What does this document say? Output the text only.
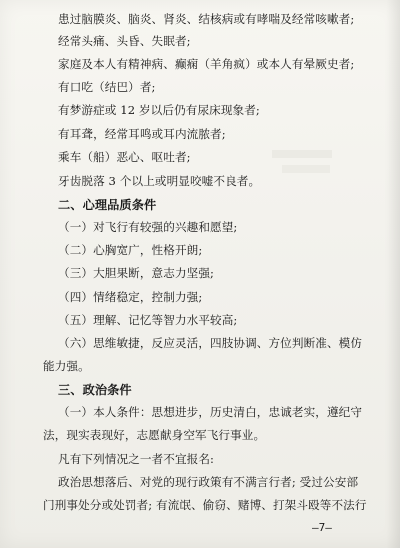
患过脑膜炎、脑炎、肾炎、结核病或有哮喘及经常咳嗽者;
经常头痛、头昏、失眠者;
家庭及本人有精神病、癫痫（羊角疯）或本人有晕厥史者;
有口吃（结巴）者;
有梦游症或 12 岁以后仍有尿床现象者;
有耳聋，经常耳鸣或耳内流脓者;
乘车（船）恶心、呕吐者;
牙齿脱落 3 个以上或明显咬嘘不良者。
二、心理品质条件
（一）对飞行有较强的兴趣和愿望;
（二）心胸宽广，性格开朗;
（三）大胆果断，意志力坚强;
（四）情绪稳定，控制力强;
（五）理解、记忆等智力水平较高;
（六）思维敏捷，反应灵活，四肢协调、方位判断准、模仿
能力强。
三、政治条件
（一）本人条件：思想进步，历史清白，忠诚老实，遵纪守
法，现实表现好，志愿献身空军飞行事业。
凡有下列情况之一者不宜报名:
政治思想落后、对党的现行政策有不满言行者; 受过公安部
门刑事处分或处罚者; 有流氓、偷窃、赌博、打架斗殴等不法行
—7—
